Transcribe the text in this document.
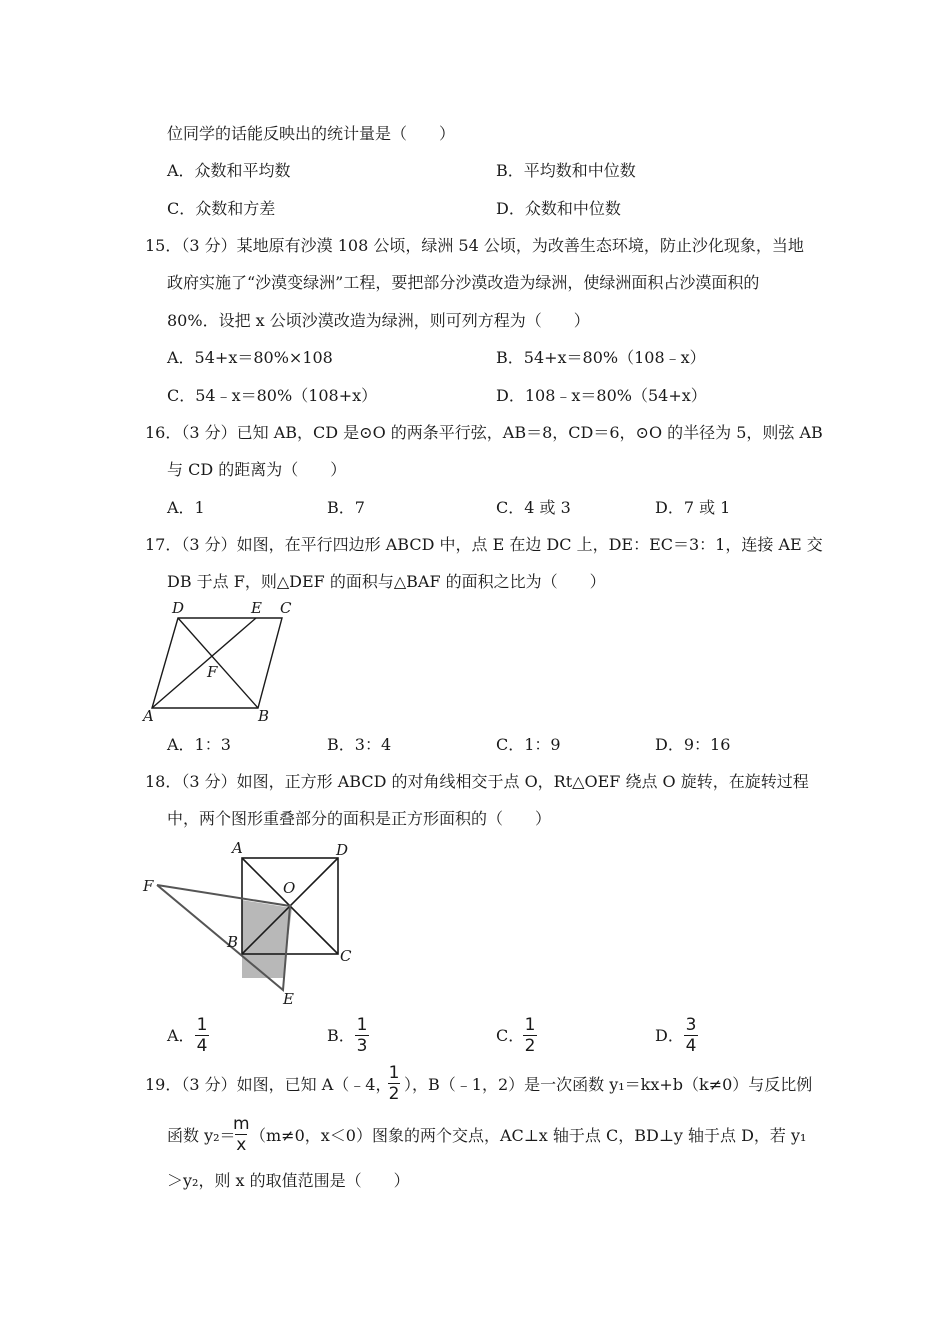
位同学的话能反映出的统计量是（　　）
A．众数和平均数	B．平均数和中位数
C．众数和方差	D．众数和中位数
15．（3 分）某地原有沙漠 108 公顷，绿洲 54 公顷，为改善生态环境，防止沙化现象，当地
政府实施了“沙漠变绿洲”工程，要把部分沙漠改造为绿洲，使绿洲面积占沙漠面积的
80%．设把 x 公顷沙漠改造为绿洲，则可列方程为（　　）
A．54+x＝80%×108	B．54+x＝80%（108﹣x）
C．54﹣x＝80%（108+x）	D．108﹣x＝80%（54+x）
16．（3 分）已知 AB，CD 是⊙O 的两条平行弦，AB＝8，CD＝6，⊙O 的半径为 5，则弦 AB
与 CD 的距离为（　　）
A．1	B．7	C．4 或 3	D．7 或 1
17．（3 分）如图，在平行四边形 ABCD 中，点 E 在边 DC 上，DE：EC＝3：1，连接 AE 交
DB 于点 F，则△DEF 的面积与△BAF 的面积之比为（　　）
D	E C
F
A	B
A．1：3	B．3：4	C．1：9	D．9：16
18．（3 分）如图，正方形 ABCD 的对角线相交于点 O，Rt△OEF 绕点 O 旋转，在旋转过程
中，两个图形重叠部分的面积是正方形面积的（　　）
A	D
O
F
B
C
E
A．
1
4
B．
1
3
C．
1
2
D．
3
4
19．（3 分）如图，已知 A（﹣4，
1
2 ），B（﹣1，2）是一次函数 y₁＝kx+b（k≠0）与反比例
函数 y₂＝
m
x （m≠0，x＜0）图象的两个交点，AC⊥x 轴于点 C，BD⊥y 轴于点 D，若 y₁
＞y₂，则 x 的取值范围是（　　）
